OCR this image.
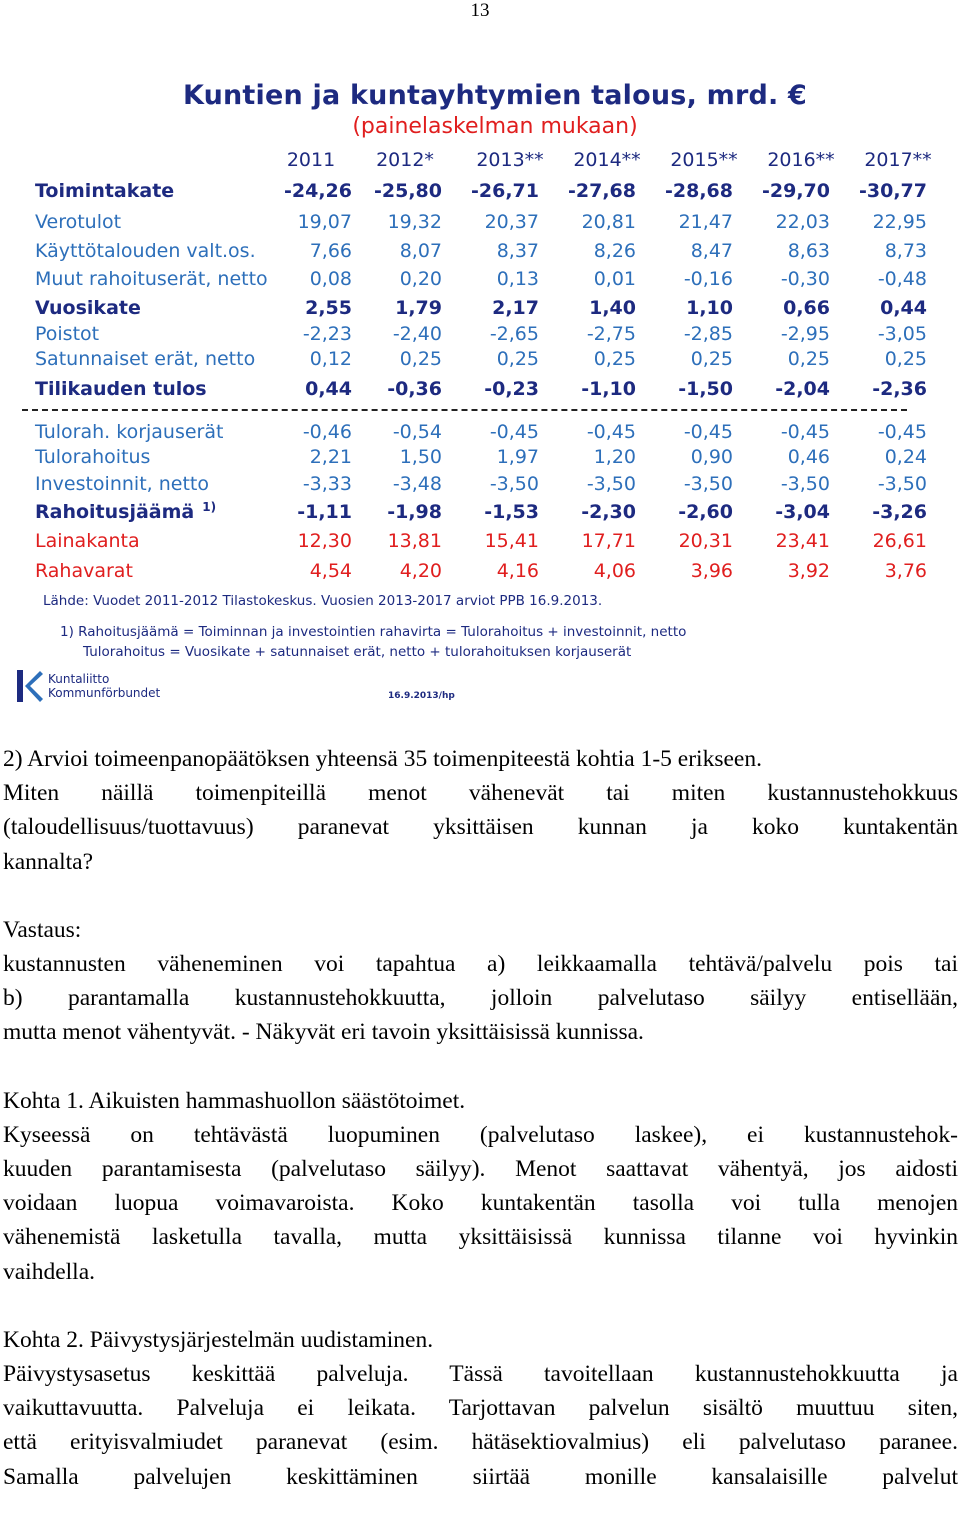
13
Kuntien ja kuntayhtymien talous, mrd. €
(painelaskelman mukaan)
2011	2012*	2013**	2014**	2015**	2016**	2017**
Toimintakate	-24,26	-25,80	-26,71	-27,68	-28,68	-29,70	-30,77
Verotulot	19,07	19,32	20,37	20,81	21,47	22,03	22,95
Käyttötalouden valt.os.	7,66	8,07	8,37	8,26	8,47	8,63	8,73
Muut rahoituserät, netto	0,08	0,20	0,13	0,01	-0,16	-0,30	-0,48
Vuosikate	2,55	1,79	2,17	1,40	1,10	0,66	0,44
Poistot	-2,23	-2,40	-2,65	-2,75	-2,85	-2,95	-3,05
Satunnaiset erät, netto	0,12	0,25	0,25	0,25	0,25	0,25	0,25
Tilikauden tulos	0,44	-0,36	-0,23	-1,10	-1,50	-2,04	-2,36
Tulorah. korjauserät	-0,46	-0,54	-0,45	-0,45	-0,45	-0,45	-0,45
Tulorahoitus	2,21	1,50	1,97	1,20	0,90	0,46	0,24
Investoinnit, netto	-3,33	-3,48	-3,50	-3,50	-3,50	-3,50	-3,50
Rahoitusjäämä $^{1)}$	-1,11	-1,98	-1,53	-2,30	-2,60	-3,04	-3,26
Lainakanta	12,30	13,81	15,41	17,71	20,31	23,41	26,61
Rahavarat	4,54	4,20	4,16	4,06	3,96	3,92	3,76
Lähde: Vuodet 2011-2012 Tilastokeskus. Vuosien 2013-2017 arviot PPB 16.9.2013.
1) Rahoitusjäämä = Toiminnan ja investointien rahavirta = Tulorahoitus + investoinnit, netto
Tulorahoitus = Vuosikate + satunnaiset erät, netto + tulorahoituksen korjauserät
Kuntaliitto
Kommunförbundet	16.9.2013/hp

2) Arvioi toimeenpanopäätöksen yhteensä 35 toimenpiteestä kohtia 1-5 erikseen.

Miten näillä toimenpiteillä menot vähenevät tai miten kustannustehokkuus

(taloudellisuus/tuottavuus) paranevat yksittäisen kunnan ja koko kuntakentän

kannalta?

Vastaus:

kustannusten väheneminen voi tapahtua a) leikkaamalla tehtävä/palvelu pois tai

b) parantamalla kustannustehokkuutta, jolloin palvelutaso säilyy entisellään,

mutta menot vähentyvät. - Näkyvät eri tavoin yksittäisissä kunnissa.

Kohta 1. Aikuisten hammashuollon säästötoimet.

Kyseessä on tehtävästä luopuminen (palvelutaso laskee), ei kustannustehok-

kuuden parantamisesta (palvelutaso säilyy). Menot saattavat vähentyä, jos aidosti

voidaan luopua voimavaroista. Koko kuntakentän tasolla voi tulla menojen

vähenemistä lasketulla tavalla, mutta yksittäisissä kunnissa tilanne voi hyvinkin

vaihdella.

Kohta 2. Päivystysjärjestelmän uudistaminen.

Päivystysasetus keskittää palveluja. Tässä tavoitellaan kustannustehokkuutta ja

vaikuttavuutta. Palveluja ei leikata. Tarjottavan palvelun sisältö muuttuu siten,

että erityisvalmiudet paranevat (esim. hätäsektiovalmius) eli palvelutaso paranee.

Samalla palvelujen keskittäminen siirtää monille kansalaisille palvelut
